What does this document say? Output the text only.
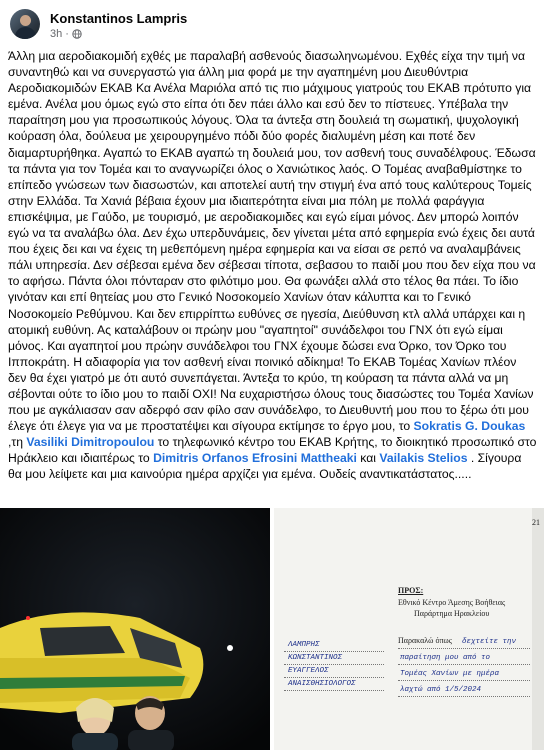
Konstantinos Lampris
3h ·
Άλλη μια αεροδιακομιδή εχθές με παραλαβή ασθενούς διασωληνωμένου. Εχθές είχα την τιμή να συναντηθώ και να συνεργαστώ για άλλη μια φορά με την αγαπημένη μου Διευθύντρια Αεροδιακομιδών ΕΚΑΒ Κα Ανέλα Μαριόλα από τις πιο μάχιμους γιατρούς του ΕΚΑΒ πρότυπο για εμένα. Ανέλα μου όμως εγώ στο είπα ότι δεν πάει άλλο και εσύ δεν το πίστευες. Υπέβαλα την παραίτηση μου για προσωπικούς λόγους. Όλα τα άντεξα στη δουλειά τη σωματική, ψυχολογική κούραση όλα, δούλευα με χειρουργημένο πόδι δύο φορές διαλυμένη μέση και ποτέ δεν διαμαρτυρήθηκα. Αγαπώ το ΕΚΑΒ αγαπώ τη δουλειά μου, τον ασθενή τους συναδέλφους. Έδωσα τα πάντα για τον Τομέα και το αναγνωρίζει όλος ο Χανιώτικος λαός. Ο Τομέας αναβαθμίστηκε το επίπεδο γνώσεων των διασωστών, και αποτελεί αυτή την στιγμή ένα από τους καλύτερους Τομείς στην Ελλάδα. Τα Χανιά βέβαια έχουν μια ιδιαιτερότητα είναι μια πόλη με πολλά φαράγγια επισκέψιμα, με Γαύδο, με τουρισμό, με αεροδιακομιδες και εγώ είμαι μόνος. Δεν μπορώ λοιπόν εγώ να τα αναλάβω όλα. Δεν έχω υπερδυνάμεις, δεν γίνεται μέτα από εφημερία ενώ έχεις δει αυτά που έχεις δει και να έχεις τη μεθεπόμενη ημέρα εφημερία και να είσαι σε ρεπό να αναλαμβάνεις πάλι υπηρεσία. Δεν σέβεσαι εμένα δεν σέβεσαι τίποτα, σεβασου το παιδί μου που δεν είχα που να το αφήσω. Πάντα όλοι πόνταραν στο φιλότιμο μου. Θα φωνάξει αλλά στο τέλος θα πάει. Το ίδιο γινόταν και επί θητείας μου στο Γενικό Νοσοκομείο Χανίων όταν κάλυπτα και το Γενικό Νοσοκομείο Ρεθύμνου. Και δεν επιρρίπτω ευθύνες σε ηγεσία, Διεύθυνση κτλ αλλά υπάρχει και η ατομική ευθύνη. Ας καταλάβουν οι πρώην μου "αγαπητοί" συνάδελφοι του ΓΝΧ ότι εγώ είμαι μόνος. Και αγαπητοί μου πρώην συνάδελφοι του ΓΝΧ έχουμε δώσει ενα Όρκο, τον Όρκο του Ιπποκράτη. Η αδιαφορία για τον ασθενή είναι ποινικό αδίκημα! Το ΕΚΑΒ Τομέας Χανίων πλέον δεν θα έχει γιατρό με ότι αυτό συνεπάγεται. Άντεξα το κρύο, τη κούραση τα πάντα αλλά να μη σέβονται ούτε το ίδιο μου το παιδί ΟΧΙ! Να ευχαριστήσω όλους τους διασώστες του Τομέα Χανίων που με αγκάλιασαν σαν αδερφό σαν φίλο σαν συνάδελφο, το Διευθυντή μου που το ξέρω ότι μου έλεγε ότι έλεγε για να με προστατέψει και σίγουρα εκτίμησε το έργο μου, το Sokratis G. Doukas ,τη Vasiliki Dimitropoulou το τηλεφωνικό κέντρο του ΕΚΑΒ Κρήτης, το διοικητικό προσωπικό στο Ηράκλειο και ιδιαιτέρως το Dimitris Orfanos Efrosini Mattheaki και Vailakis Stelios . Σίγουρα θα μου λείψετε και μια καινούρια ημέρα αρχίζει για εμένα. Ουδείς αναντικατάστατος.....
21
ΠΡΟΣ:
Εθνικό Κέντρο Άμεσης Βοήθειας
Παράρτημα Ηρακλείου
Παρακαλώ όπως
ΛΑΜΠΡΗΣ
ΚΩΝΣΤΑΝΤΙΝΟΣ
ΕΥΑΓΓΕΛΟΣ
ΑΝΑΙΣΘΗΣΙΟΛΟΓΟΣ
δεχτείτε την
παραίτηση μου από το
Τομέας Χανίων με ημέρα
λαχτώ από 1/5/2024
